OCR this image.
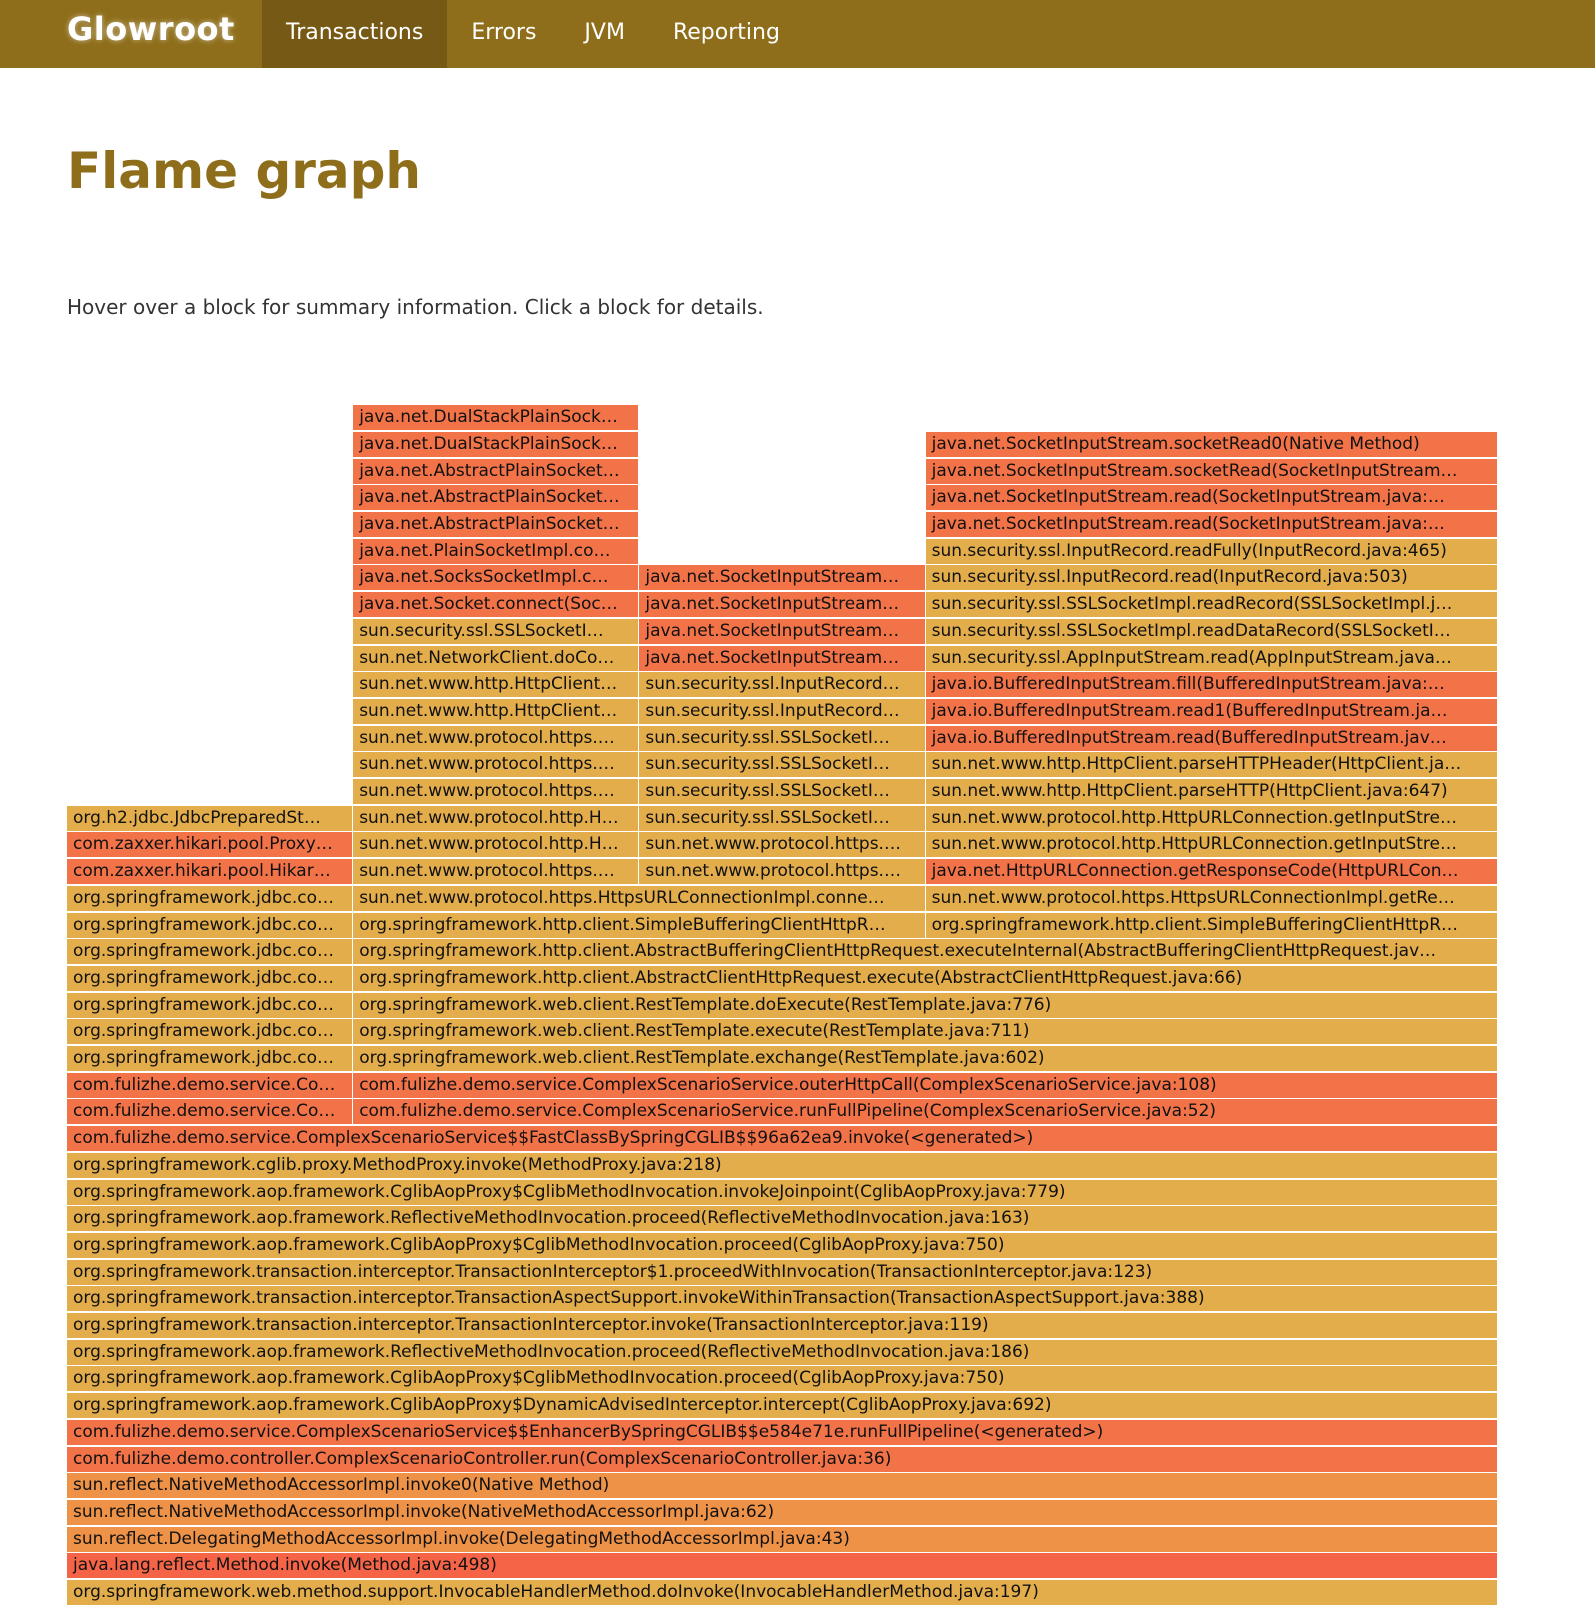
Glowroot	Transactions	Errors	JVM	Reporting
Flame graph
Hover over a block for summary information. Click a block for details.
org.springframework.web.method.support.InvocableHandlerMethod.doInvoke(InvocableHandlerMethod.java:197)
java.lang.reflect.Method.invoke(Method.java:498)
sun.reflect.DelegatingMethodAccessorImpl.invoke(DelegatingMethodAccessorImpl.java:43)
sun.reflect.NativeMethodAccessorImpl.invoke(NativeMethodAccessorImpl.java:62)
sun.reflect.NativeMethodAccessorImpl.invoke0(Native Method)
com.fulizhe.demo.controller.ComplexScenarioController.run(ComplexScenarioController.java:36)
com.fulizhe.demo.service.ComplexScenarioService$$EnhancerBySpringCGLIB$$e584e71e.runFullPipeline(<generated>)
org.springframework.aop.framework.CglibAopProxy$DynamicAdvisedInterceptor.intercept(CglibAopProxy.java:692)
org.springframework.aop.framework.CglibAopProxy$CglibMethodInvocation.proceed(CglibAopProxy.java:750)
org.springframework.aop.framework.ReflectiveMethodInvocation.proceed(ReflectiveMethodInvocation.java:186)
org.springframework.transaction.interceptor.TransactionInterceptor.invoke(TransactionInterceptor.java:119)
org.springframework.transaction.interceptor.TransactionAspectSupport.invokeWithinTransaction(TransactionAspectSupport.java:388)
org.springframework.transaction.interceptor.TransactionInterceptor$1.proceedWithInvocation(TransactionInterceptor.java:123)
org.springframework.aop.framework.CglibAopProxy$CglibMethodInvocation.proceed(CglibAopProxy.java:750)
org.springframework.aop.framework.ReflectiveMethodInvocation.proceed(ReflectiveMethodInvocation.java:163)
org.springframework.aop.framework.CglibAopProxy$CglibMethodInvocation.invokeJoinpoint(CglibAopProxy.java:779)
org.springframework.cglib.proxy.MethodProxy.invoke(MethodProxy.java:218)
com.fulizhe.demo.service.ComplexScenarioService$$FastClassBySpringCGLIB$$96a62ea9.invoke(<generated>)
com.fulizhe.demo.service.Co…	com.fulizhe.demo.service.ComplexScenarioService.runFullPipeline(ComplexScenarioService.java:52)
com.fulizhe.demo.service.Co…	com.fulizhe.demo.service.ComplexScenarioService.outerHttpCall(ComplexScenarioService.java:108)
org.springframework.jdbc.co…	org.springframework.web.client.RestTemplate.exchange(RestTemplate.java:602)
org.springframework.jdbc.co…	org.springframework.web.client.RestTemplate.execute(RestTemplate.java:711)
org.springframework.jdbc.co…	org.springframework.web.client.RestTemplate.doExecute(RestTemplate.java:776)
org.springframework.jdbc.co…	org.springframework.http.client.AbstractClientHttpRequest.execute(AbstractClientHttpRequest.java:66)
org.springframework.jdbc.co…	org.springframework.http.client.AbstractBufferingClientHttpRequest.executeInternal(AbstractBufferingClientHttpRequest.jav…
org.springframework.jdbc.co…	org.springframework.http.client.SimpleBufferingClientHttpR…	org.springframework.http.client.SimpleBufferingClientHttpR…
org.springframework.jdbc.co…	sun.net.www.protocol.https.HttpsURLConnectionImpl.conne…	sun.net.www.protocol.https.HttpsURLConnectionImpl.getRe…
com.zaxxer.hikari.pool.Hikar…	sun.net.www.protocol.https.…	sun.net.www.protocol.https.…	java.net.HttpURLConnection.getResponseCode(HttpURLCon…
com.zaxxer.hikari.pool.Proxy…	sun.net.www.protocol.http.H…	sun.net.www.protocol.https.…	sun.net.www.protocol.http.HttpURLConnection.getInputStre…
org.h2.jdbc.JdbcPreparedSt…	sun.net.www.protocol.http.H…	sun.security.ssl.SSLSocketI…	sun.net.www.protocol.http.HttpURLConnection.getInputStre…
sun.net.www.protocol.https.…	sun.security.ssl.SSLSocketI…	sun.net.www.http.HttpClient.parseHTTP(HttpClient.java:647)
sun.net.www.protocol.https.…	sun.security.ssl.SSLSocketI…	sun.net.www.http.HttpClient.parseHTTPHeader(HttpClient.ja…
sun.net.www.protocol.https.…	sun.security.ssl.SSLSocketI…	java.io.BufferedInputStream.read(BufferedInputStream.jav…
sun.net.www.http.HttpClient…	sun.security.ssl.InputRecord…	java.io.BufferedInputStream.read1(BufferedInputStream.ja…
sun.net.www.http.HttpClient…	sun.security.ssl.InputRecord…	java.io.BufferedInputStream.fill(BufferedInputStream.java:…
sun.net.NetworkClient.doCo…	java.net.SocketInputStream…	sun.security.ssl.AppInputStream.read(AppInputStream.java…
sun.security.ssl.SSLSocketI…	java.net.SocketInputStream…	sun.security.ssl.SSLSocketImpl.readDataRecord(SSLSocketI…
java.net.Socket.connect(Soc…	java.net.SocketInputStream…	sun.security.ssl.SSLSocketImpl.readRecord(SSLSocketImpl.j…
java.net.SocksSocketImpl.c…	java.net.SocketInputStream…	sun.security.ssl.InputRecord.read(InputRecord.java:503)
java.net.PlainSocketImpl.co…	sun.security.ssl.InputRecord.readFully(InputRecord.java:465)
java.net.AbstractPlainSocket…	java.net.SocketInputStream.read(SocketInputStream.java:…
java.net.AbstractPlainSocket…	java.net.SocketInputStream.read(SocketInputStream.java:…
java.net.AbstractPlainSocket…	java.net.SocketInputStream.socketRead(SocketInputStream…
java.net.DualStackPlainSock…	java.net.SocketInputStream.socketRead0(Native Method)
java.net.DualStackPlainSock…
